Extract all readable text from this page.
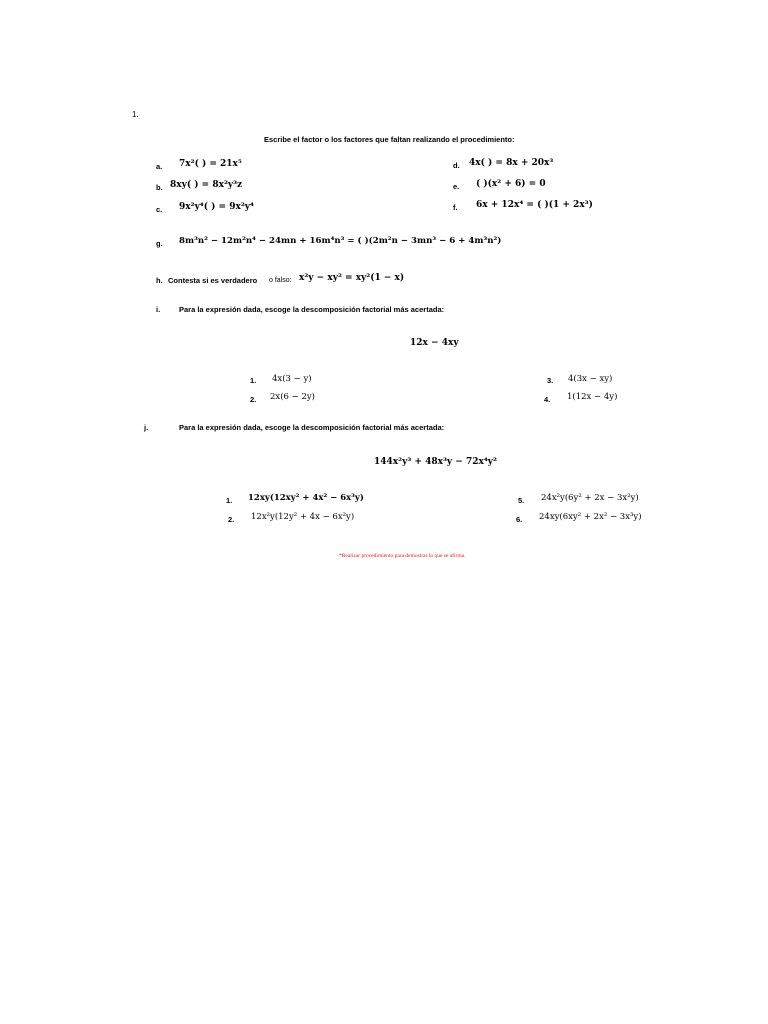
1.
Escribe el factor o los factores que faltan realizando el procedimiento:
a. 7x²( ) = 21x⁵
b. 8xy( ) = 8x²y³z
c. 9x²y⁴( ) = 9x²y⁴
d. 4x( ) = 8x + 20x³
e. ( )(x² + 6) = 0
f. 6x + 12x⁴ = ( )(1 + 2x³)
g. 8m³n² − 12m²n⁴ − 24mn + 16m⁴n³ = ( )(2m²n − 3mn³ − 6 + 4m³n²)
h. Contesta si es verdadero o falso: x²y − xy² = xy²(1 − x)
i.	Para la expresión dada, escoge la descomposición factorial más acertada:
12x − 4xy
1. 4x(3 − y)
2. 2x(6 − 2y)
3. 4(3x − xy)
4. 1(12x − 4y)
j.	Para la expresión dada, escoge la descomposición factorial más acertada:
144x²y³ + 48x³y − 72x⁴y²
1. 12xy(12xy² + 4x² − 6x³y)
2. 12x²y(12y² + 4x − 6x²y)
5. 24x²y(6y² + 2x − 3x²y)
6. 24xy(6xy² + 2x² − 3x³y)
*Realizar procedimiento para demostrar lo que se afirma.
